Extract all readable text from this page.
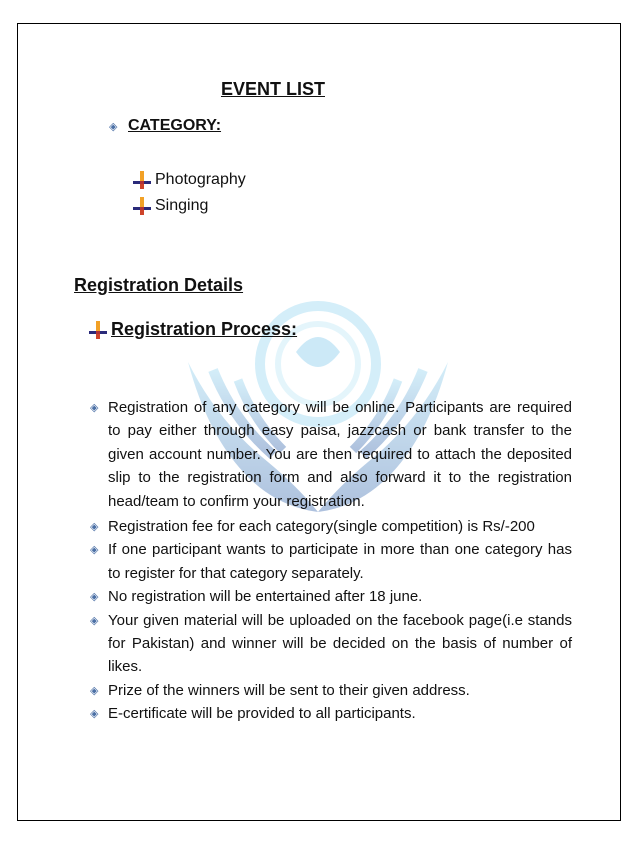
EVENT LIST
◈ CATEGORY:
Photography
Singing
Registration Details
Registration Process:
◈ Registration of any category will be online. Participants are required to pay either through easy paisa, jazzcash or bank transfer to the given account number. You are then required to attach the deposited slip to the registration form and also forward it to the registration head/team to confirm your registration.
◈ Registration fee for each category(single competition) is Rs/-200
◈ If one participant wants to participate in more than one category has to register for that category separately.
◈ No registration will be entertained after 18 june.
◈ Your given material will be uploaded on the facebook page(i.e stands for Pakistan) and winner will be decided on the basis of number of likes.
◈ Prize of the winners will be sent to their given address.
◈ E-certificate will be provided to all participants.
